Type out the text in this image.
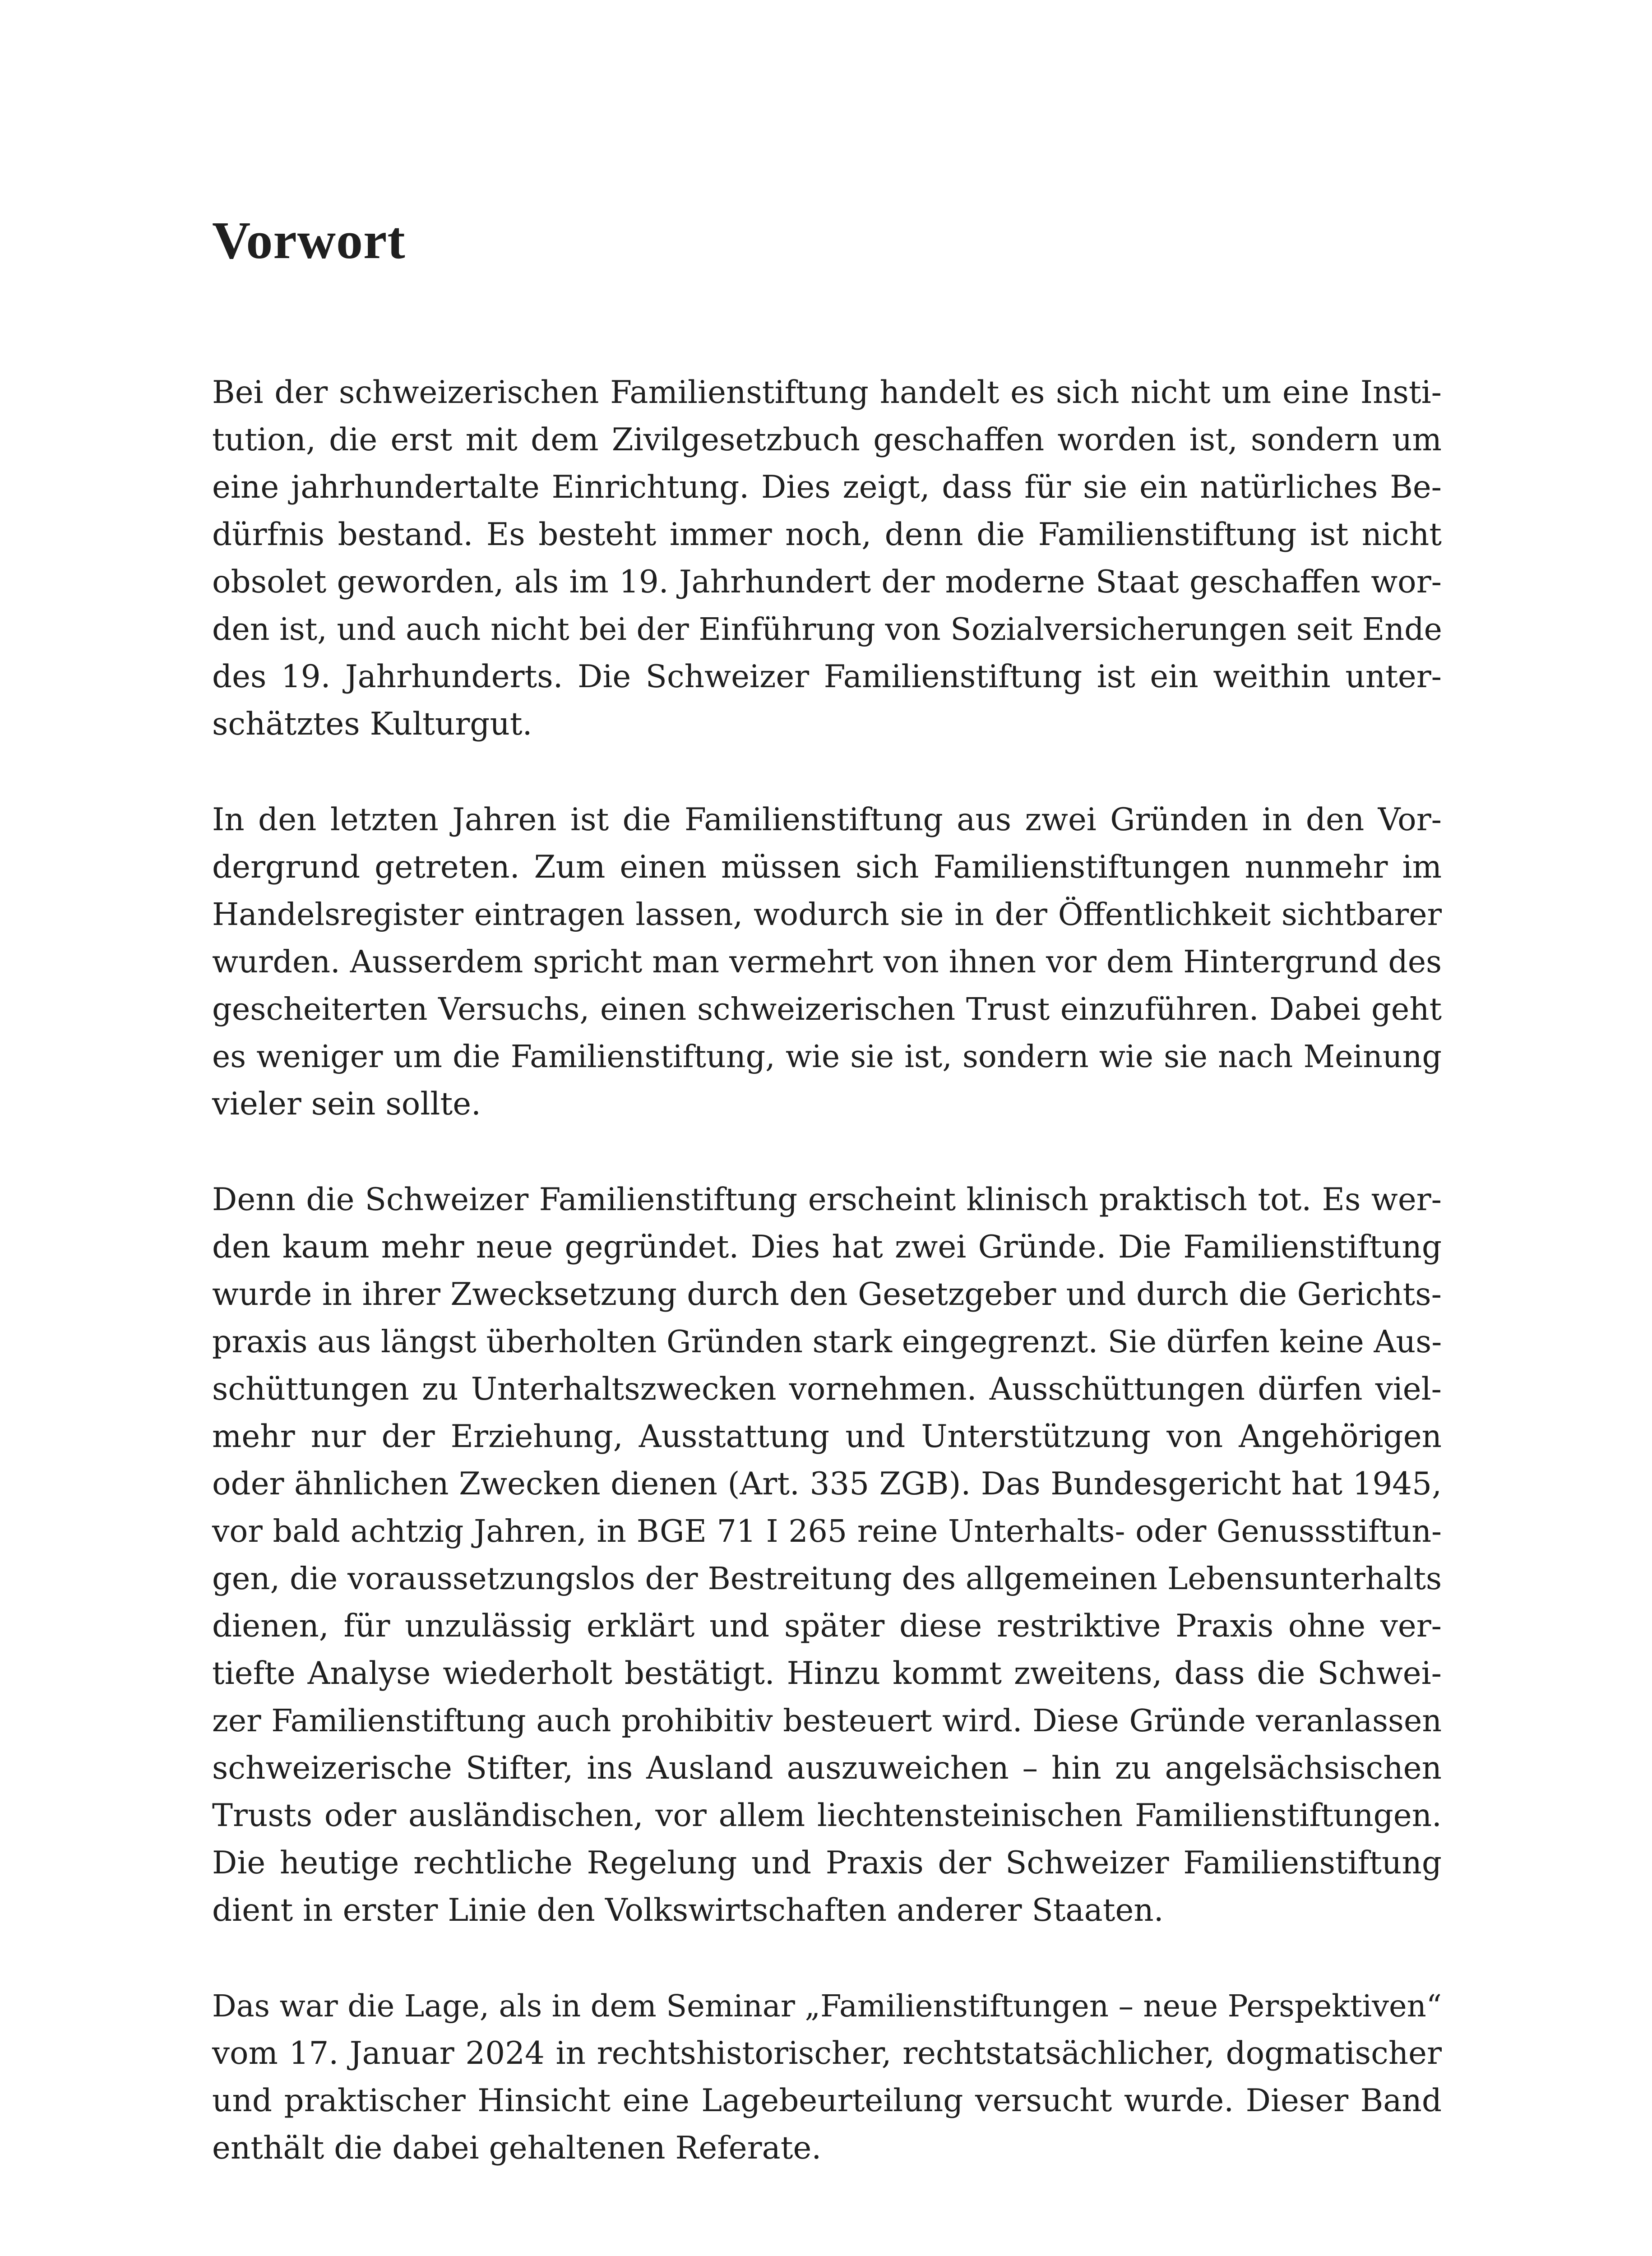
Vorwort

Bei der schweizerischen Familienstiftung handelt es sich nicht um eine Insti-
tution, die erst mit dem Zivilgesetzbuch geschaffen worden ist, sondern um
eine jahrhundertalte Einrichtung. Dies zeigt, dass für sie ein natürliches Be-
dürfnis bestand. Es besteht immer noch, denn die Familienstiftung ist nicht
obsolet geworden, als im 19. Jahrhundert der moderne Staat geschaffen wor-
den ist, und auch nicht bei der Einführung von Sozialversicherungen seit Ende
des 19. Jahrhunderts. Die Schweizer Familienstiftung ist ein weithin unter-
schätztes Kulturgut.

In den letzten Jahren ist die Familienstiftung aus zwei Gründen in den Vor-
dergrund getreten. Zum einen müssen sich Familienstiftungen nunmehr im
Handelsregister eintragen lassen, wodurch sie in der Öffentlichkeit sichtbarer
wurden. Ausserdem spricht man vermehrt von ihnen vor dem Hintergrund des
gescheiterten Versuchs, einen schweizerischen Trust einzuführen. Dabei geht
es weniger um die Familienstiftung, wie sie ist, sondern wie sie nach Meinung
vieler sein sollte.

Denn die Schweizer Familienstiftung erscheint klinisch praktisch tot. Es wer-
den kaum mehr neue gegründet. Dies hat zwei Gründe. Die Familienstiftung
wurde in ihrer Zwecksetzung durch den Gesetzgeber und durch die Gerichts-
praxis aus längst überholten Gründen stark eingegrenzt. Sie dürfen keine Aus-
schüttungen zu Unterhaltszwecken vornehmen. Ausschüttungen dürfen viel-
mehr nur der Erziehung, Ausstattung und Unterstützung von Angehörigen
oder ähnlichen Zwecken dienen (Art. 335 ZGB). Das Bundesgericht hat 1945,
vor bald achtzig Jahren, in BGE 71 I 265 reine Unterhalts- oder Genussstiftun-
gen, die voraussetzungslos der Bestreitung des allgemeinen Lebensunterhalts
dienen, für unzulässig erklärt und später diese restriktive Praxis ohne ver-
tiefte Analyse wiederholt bestätigt. Hinzu kommt zweitens, dass die Schwei-
zer Familienstiftung auch prohibitiv besteuert wird. Diese Gründe veranlassen
schweizerische Stifter, ins Ausland auszuweichen – hin zu angelsächsischen
Trusts oder ausländischen, vor allem liechtensteinischen Familienstiftungen.
Die heutige rechtliche Regelung und Praxis der Schweizer Familienstiftung
dient in erster Linie den Volkswirtschaften anderer Staaten.

Das war die Lage, als in dem Seminar „Familienstiftungen – neue Perspektiven“
vom 17. Januar 2024 in rechtshistorischer, rechtstatsächlicher, dogmatischer
und praktischer Hinsicht eine Lagebeurteilung versucht wurde. Dieser Band
enthält die dabei gehaltenen Referate.
